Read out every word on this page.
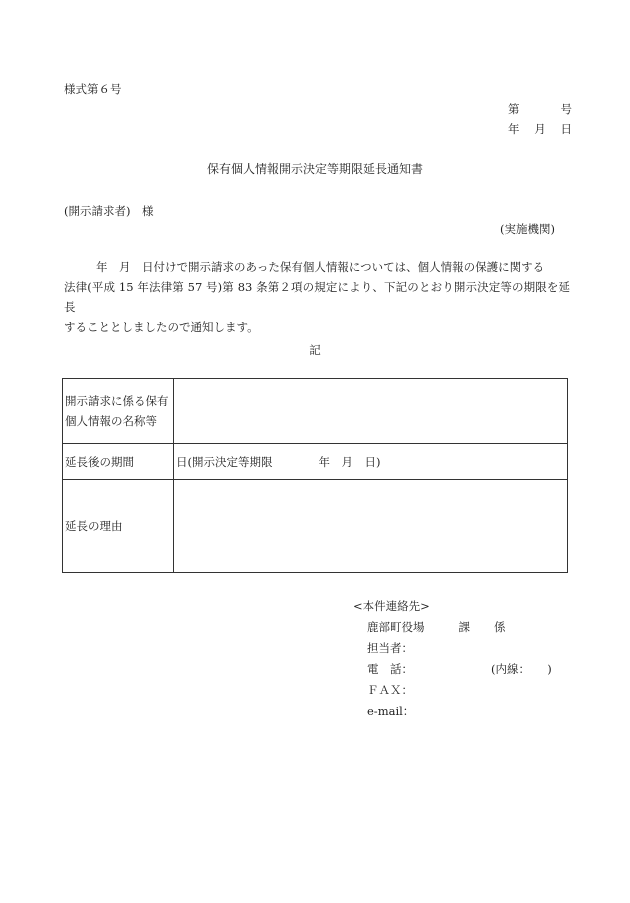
様式第６号
第	号
年 月 日
保有個人情報開示決定等期限延長通知書
(開示請求者)　様
(実施機関)

年　月　日付けで開示請求のあった保有個人情報については、個人情報の保護に関する

法律(平成 15 年法律第 57 号)第 83 条第２項の規定により、下記のとおり開示決定等の期限を延長

することとしましたので通知します。

記
開示請求に係る保有
個人情報の名称等	

延長後の期間	日(開示決定等期限 年　月　日)
延長の理由	
<本件連絡先>
鹿部町役場	課 係
担当者：
電　話：	(内線：　　)
ＦＡＸ：
e-mail：
